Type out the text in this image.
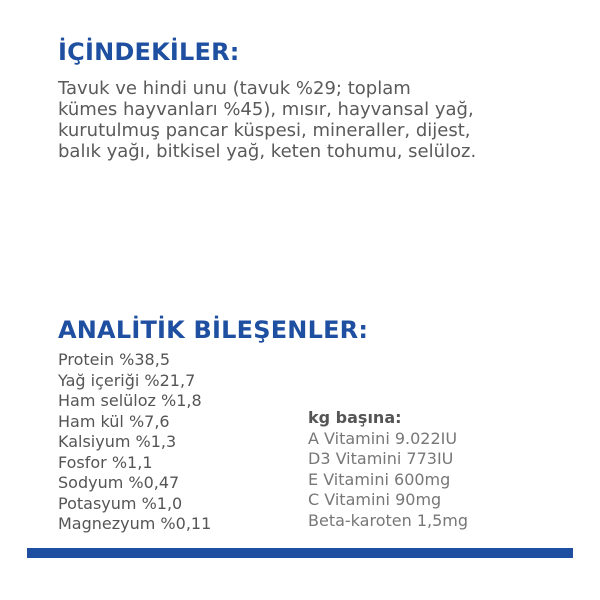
İÇİNDEKİLER:

Tavuk ve hindi unu (tavuk %29; toplam
kümes hayvanları %45), mısır, hayvansal yağ,
kurutulmuş pancar küspesi, mineraller, dijest,
balık yağı, bitkisel yağ, keten tohumu, selüloz.

ANALİTİK BİLEŞENLER:
Protein %38,5
Yağ içeriği %21,7
Ham selüloz %1,8
Ham kül %7,6
Kalsiyum %1,3
Fosfor %1,1
Sodyum %0,47
Potasyum %1,0
Magnezyum %0,11
kg başına:
A Vitamini 9.022IU
D3 Vitamini 773IU
E Vitamini 600mg
C Vitamini 90mg
Beta-karoten 1,5mg
